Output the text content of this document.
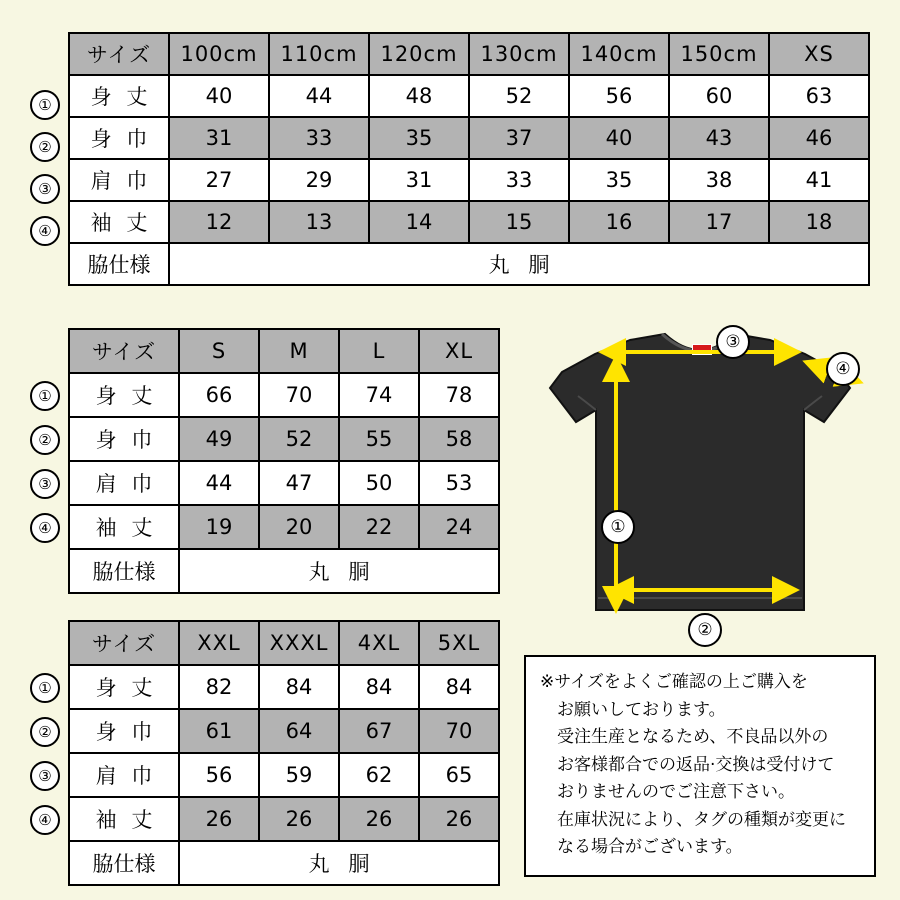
①
②
③
④
サイズ	100cm	110cm	120cm	130cm	140cm	150cm	XS
身 丈	40	44	48	52	56	60	63
身 巾	31	33	35	37	40	43	46
肩 巾	27	29	31	33	35	38	41
袖 丈	12	13	14	15	16	17	18
脇仕様	丸 胴						
①
②
③
④
サイズ	S	M	L	XL
身 丈	66	70	74	78
身 巾	49	52	55	58
肩 巾	44	47	50	53
袖 丈	19	20	22	24
脇仕様	丸 胴			
①
②
③
④
サイズ	XXL	XXXL	4XL	5XL
身 丈	82	84	84	84
身 巾	61	64	67	70
肩 巾	56	59	62	65
袖 丈	26	26	26	26
脇仕様	丸 胴			
③
④
①
②

※サイズをよくご確認の上ご購入を

お願いしております。

受注生産となるため、不良品以外の

お客様都合での返品·交換は受付けて

おりませんのでご注意下さい。

在庫状況により、タグの種類が変更に

なる場合がございます。
